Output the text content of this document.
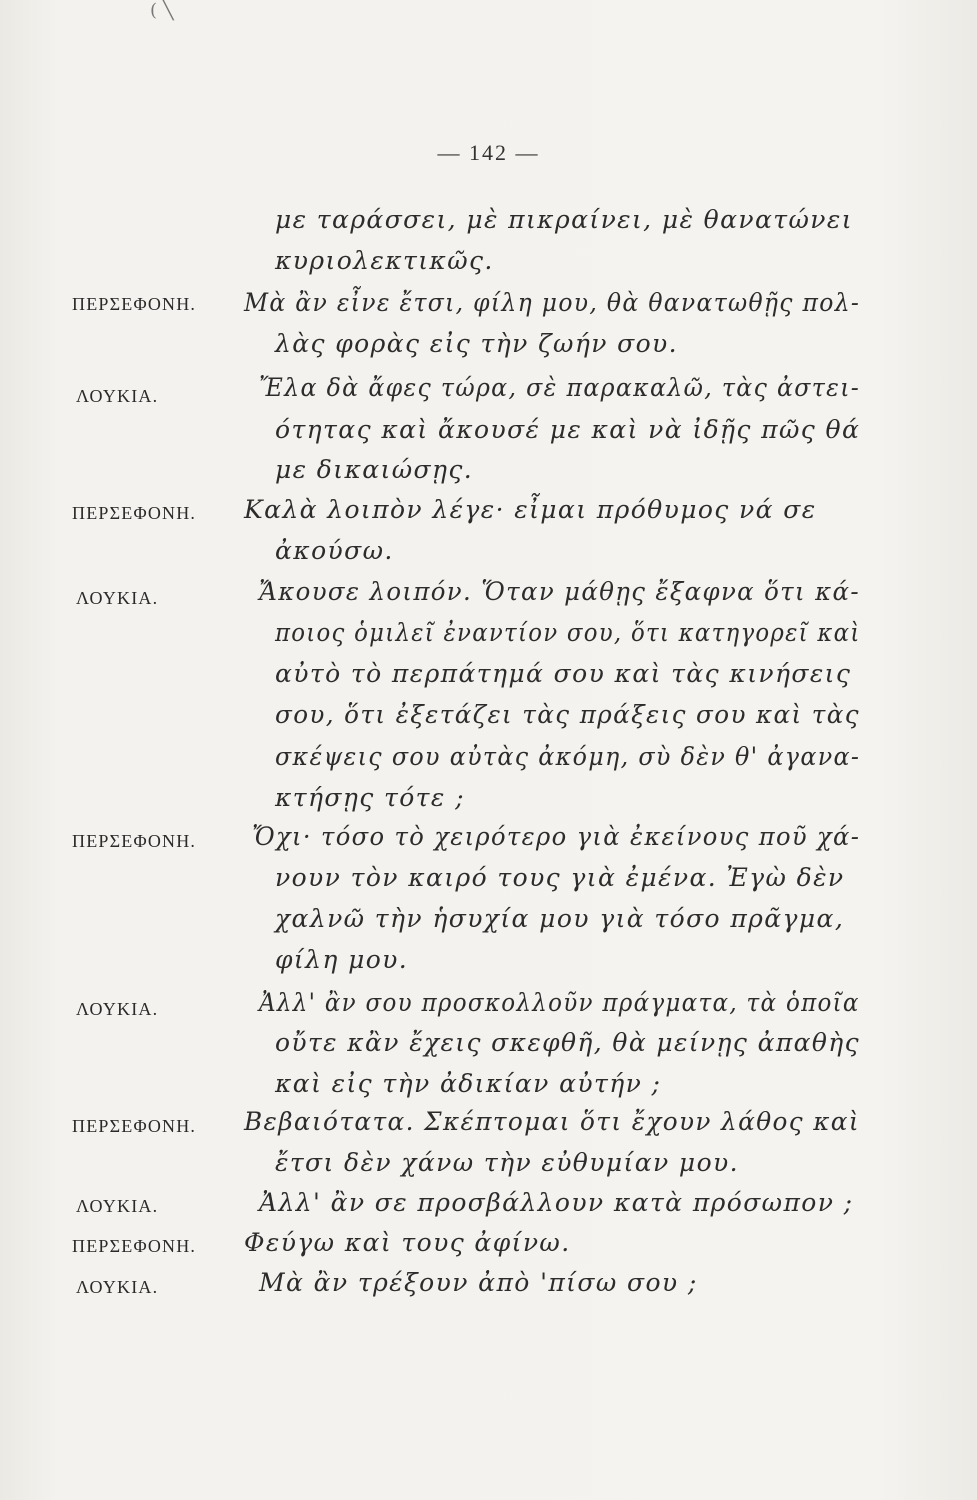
( ╲
— 142 —
ΠΕΡΣΕΦΟΝΗ.
ΛΟΥΚΙΑ.
ΠΕΡΣΕΦΟΝΗ.
ΛΟΥΚΙΑ.
ΠΕΡΣΕΦΟΝΗ.
ΛΟΥΚΙΑ.
ΠΕΡΣΕΦΟΝΗ.
ΛΟΥΚΙΑ.
ΠΕΡΣΕΦΟΝΗ.
ΛΟΥΚΙΑ.
με ταράσσει, μὲ πικραίνει, μὲ θανατώνει
κυριολεκτικῶς.
Μὰ ἂν εἶνε ἔτσι, φίλη μου, θὰ θανατωθῇς πολ-
λὰς φορὰς εἰς τὴν ζωήν σου.
Ἔλα δὰ ἄφες τώρα, σὲ παρακαλῶ, τὰς ἀστει-
ότητας καὶ ἄκουσέ με καὶ νὰ ἰδῇς πῶς θά
με δικαιώσῃς.
Καλὰ λοιπὸν λέγε· εἶμαι πρόθυμος νά σε
ἀκούσω.
Ἄκουσε λοιπόν. Ὅταν μάθῃς ἔξαφνα ὅτι κά-
ποιος ὁμιλεῖ ἐναντίον σου, ὅτι κατηγορεῖ καὶ
αὐτὸ τὸ περπάτημά σου καὶ τὰς κινήσεις
σου, ὅτι ἐξετάζει τὰς πράξεις σου καὶ τὰς
σκέψεις σου αὐτὰς ἀκόμη, σὺ δὲν θ' ἀγανα-
κτήσῃς τότε ;
Ὄχι· τόσο τὸ χειρότερο γιὰ ἐκείνους ποῦ χά-
νουν τὸν καιρό τους γιὰ ἐμένα. Ἐγὼ δὲν
χαλνῶ τὴν ἡσυχία μου γιὰ τόσο πρᾶγμα,
φίλη μου.
Ἀλλ' ἂν σου προσκολλοῦν πράγματα, τὰ ὁποῖα
οὔτε κἂν ἔχεις σκεφθῆ, θὰ μείνῃς ἀπαθὴς
καὶ εἰς τὴν ἀδικίαν αὐτήν ;
Βεβαιότατα. Σκέπτομαι ὅτι ἔχουν λάθος καὶ
ἔτσι δὲν χάνω τὴν εὐθυμίαν μου.
Ἀλλ' ἂν σε προσβάλλουν κατὰ πρόσωπον ;
Φεύγω καὶ τους ἀφίνω.
Μὰ ἂν τρέξουν ἀπὸ 'πίσω σου ;
